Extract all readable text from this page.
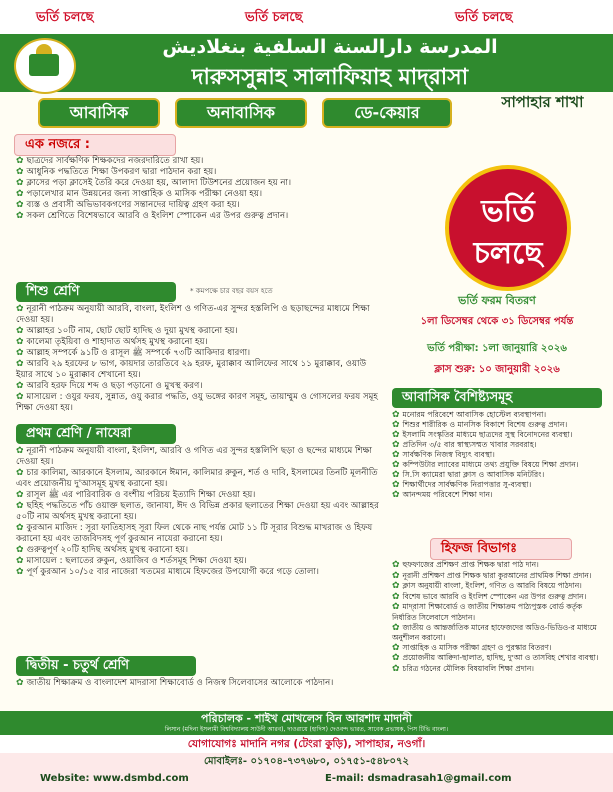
ভর্তি চলছে	ভর্তি চলছে	ভর্তি চলছে
المدرسة دارالسنة السلفية بنغلاديش
দারুসসুন্নাহ সালাফিয়াহ মাদ্‌রাসা
আবাসিক	অনাবাসিক	ডে-কেয়ার
সাপাহার শাখা
এক নজরে :
✿ ছাত্রদের সার্বক্ষণিক শিক্ষকদের নজরদারিতে রাখা হয়।
✿ আধুনিক পদ্ধতিতে শিক্ষা উপকরণ দ্বারা পাঠদান করা হয়।
✿ ক্লাসের পড়া ক্লাসেই তৈরি করে দেওয়া হয়, আলাদা টিউশনের প্রয়োজন হয় না।
✿ পড়ালেখার মান উন্নয়নের জন্য সাপ্তাহিক ও মাসিক পরীক্ষা নেওয়া হয়।
✿ ব্যস্ত ও প্রবাসী অভিভাবকগণের সন্তানদের দায়িত্ব গ্রহণ করা হয়।
✿ সকল শ্রেণিতে বিশেষভাবে আরবি ও ইংলিশ স্পোকেন এর উপর গুরুত্ব প্রদান।
শিশু শ্রেণি	* কমপক্ষে চার বছর বয়স হতে
✿ নূরানী পাঠক্রম অনুযায়ী আরবি, বাংলা, ইংলিশ ও গণিত-এর সুন্দর হস্তলিপি ও ছড়াছন্দের মাধ্যমে শিক্ষা দেওয়া হয়।
✿ আল্লাহর ১০টি নাম, ছোট ছোট হাদিছ ও দুয়া মুখস্থ করানো হয়।
✿ কালেমা তৃইয়িবা ও শাহাদাত অর্থসহ মুখস্থ করানো হয়।
✿ আল্লাহ সম্পর্কে ৯১টি ও রাসূল ﷺ সম্পর্কে ৭৩টি আকিদার ধারণা।
✿ আরবি ২৯ হরফের ৮ ভাগ, কায়দার তারতিবে ২৯ হরফ, মুরাক্কাব আলিফের সাথে ১১ মুরাক্কাব, ওয়াউ ইয়ার সাথে ১০ মুরাক্কাব শেখানো হয়।
✿ আরবি হরফ দিয়ে শব্দ ও ছড়া পড়ানো ও মুখস্থ করণ।
✿ মাসায়েল : ওযুর ফরয, সুন্নাত, ওযু করার পদ্ধতি, ওযু ভঙ্গের কারণ সমূহ, তায়াম্মুম ও গোসলের ফরয সমূহ শিক্ষা দেওয়া হয়।
প্রথম শ্রেণি / নাযেরা
✿ নূরানী পাঠক্রম অনুযায়ী বাংলা, ইংলিশ, আরবি ও গণিত এর সুন্দর হস্তলিপি ছড়া ও ছন্দের মাধ্যমে শিক্ষা দেওয়া হয়।
✿ চার কালিমা, আরকানে ইসলাম, আরকানে ঈমান, কালিমার রুকুন, শর্ত ও দাবি, ইসলামের তিনটি মূলনীতি এবং প্রয়োজনীয় দু'আসমূহ মুখস্থ করানো হয়।
✿ রাসূল ﷺ এর পারিবারিক ও বংশীয় পরিচয় ইত্যাদি শিক্ষা দেওয়া হয়।
✿ ছহিহ পদ্ধতিতে পাঁচ ওয়াক্ত ছলাত, জানাযা, ঈদ ও বিভিন্ন প্রকার ছলাতের শিক্ষা দেওয়া হয় এবং আল্লাহর ৫০টি নাম অর্থসহ মুখস্থ করানো হয়।
✿ কুরআন মাজিদ : সূরা ফাতিহাসহ সূরা ফিল থেকে নাছ পর্যন্ত মোট ১১ টি সূরার বিশুদ্ধ মাখরাজ ও হিফয করানো হয় এবং তাজবিদসহ পূর্ণ কুরআন নাযেরা করানো হয়।
✿ গুরুত্বপূর্ণ ২০টি হাদিছ অর্থসহ মুখস্থ করানো হয়।
✿ মাসায়েল : ছলাতের রুকুন, ওয়াজিব ও শর্তসমূহ শিক্ষা দেওয়া হয়।
✿ পূর্ণ কুরআন ১০/১৫ বার নাজেরা খতমের মাধ্যমে হিফজের উপযোগী করে গড়ে তোলা।
দ্বিতীয় - চতুর্থ শ্রেণি
✿ জাতীয় শিক্ষাক্রম ও বাংলাদেশ মাদরাসা শিক্ষাবোর্ড ও নিজস্ব সিলেবাসের আলোকে পাঠদান।
ভর্তি
চলছে
ভর্তি ফরম বিতরণ
১লা ডিসেম্বর থেকে ৩১ ডিসেম্বর পর্যন্ত
ভর্তি পরীক্ষা: ১লা জানুয়ারি ২০২৬
ক্লাস শুরু: ১০ জানুয়ারী ২০২৬
আবাসিক বৈশিষ্ট্যসমূহ
✿ মনোরম পরিবেশে আবাসিক হোস্টেল ব্যবস্থাপনা।
✿ শিশুর শারীরিক ও মানসিক বিকাশে বিশেষ গুরুত্ব প্রদান।
✿ ইসলামি সংস্কৃতির মাধ্যমে ছাত্রদের সুস্থ বিনোদনের ব্যবস্থা।
✿ প্রতিদিন ৩/৫ বার স্বাস্থ্যসম্মত খাবার সরবরাহ।
✿ সার্বক্ষণিক নিজস্ব বিদ্যুৎ ব্যবস্থা।
✿ কম্পিউটার ল্যাবের মাধ্যমে তথ্য প্রযুক্তি বিষয়ে শিক্ষা প্রদান।
✿ সি.সি ক্যামেরা দ্বারা ক্লাস ও আবাসিক মনিটরিং।
✿ শিক্ষার্থীদের সার্বক্ষণিক নিরাপত্তার সু-ব্যবস্থা।
✿ আনন্দময় পরিবেশে শিক্ষা দান।
হিফজ বিভাগঃ
✿ হুফফাজের প্রশিক্ষণ প্রাপ্ত শিক্ষক দ্বারা পাঠ দান।
✿ নূরানী প্রশিক্ষণ প্রাপ্ত শিক্ষক দ্বারা কুরআনের প্রাথমিক শিক্ষা প্রদান।
✿ ক্লাস অনুযায়ী বাংলা, ইংলিশ, গণিত ও আরবি বিষয়ে পাঠদান।
✿ বিশেষ ভাবে আরবি ও ইংলিশ স্পোকেন এর উপর গুরুত্ব প্রদান।
✿ মাদ্‌রাসা শিক্ষাবোর্ড ও জাতীয় শিক্ষাক্রম পাঠ্যপুস্তক বোর্ড কর্তৃক নির্ধারিত সিলেবাসে পাঠদান।
✿ জাতীয় ও আন্তর্জাতিক মানের হাফেজদের অডিও-ভিডিও-র মাধ্যমে অনুশীলন করানো।
✿ সাপ্তাহিক ও মাসিক পরীক্ষা গ্রহণ ও পুরস্কার বিতরণ।
✿ প্রয়োজনীয় আক্বিদা-ছালাত, হাদিছ, দু'আ ও তাসবিহ শেখার ব্যবস্থা।
✿ চরিত্র গঠনের মৌলিক বিষয়াবলি শিক্ষা প্রদান।
পরিচালক - শাইখ মোখলেস বিন আরশাদ মাদানী
লিসান (মদিনা ইসলামী বিশ্ববিদ্যালয় সাউদী আরব), দাওরায়ে (হাদিস) দেওবন্দ ভারত, সাবেক প্রভাষক, পিস টিভি বাংলা।
যোগাযোগঃ মাদানি নগর (টেংরা কুড়ি), সাপাহার, নওগাঁ।
মোবাইলঃ- ০১৭০৪-৭৩৭৬৮০, ০১৭৫১-৫৪৮০৭২
Website: www.dsmbd.com	E-mail: dsmadrasah1@gmail.com
